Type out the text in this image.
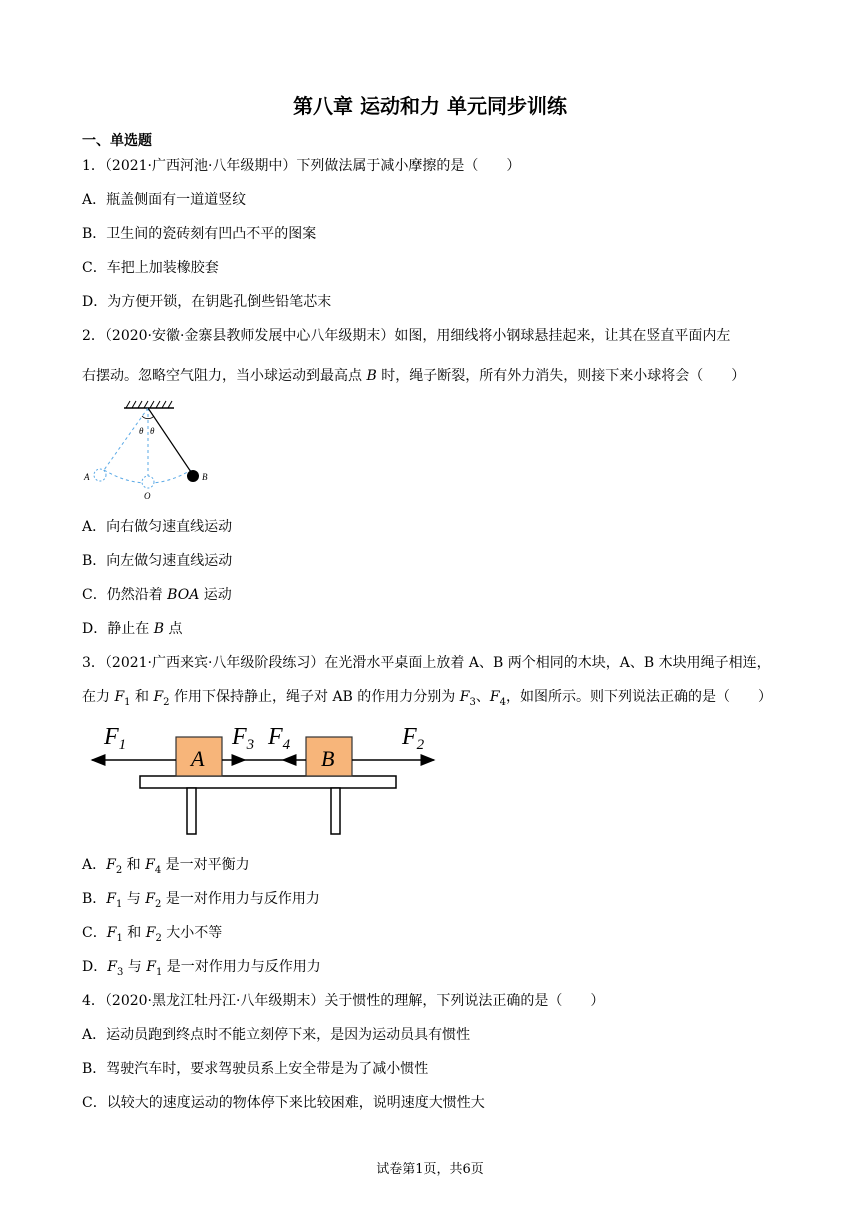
第八章 运动和力 单元同步训练
一、单选题
1．（2021·广西河池·八年级期中）下列做法属于减小摩擦的是（　　）
A．瓶盖侧面有一道道竖纹
B．卫生间的瓷砖刻有凹凸不平的图案
C．车把上加装橡胶套
D．为方便开锁，在钥匙孔倒些铅笔芯末
2．（2020·安徽·金寨县教师发展中心八年级期末）如图，用细线将小钢球悬挂起来，让其在竖直平面内左
右摆动。忽略空气阻力，当小球运动到最高点 B 时，绳子断裂，所有外力消失，则接下来小球将会（　　）
θ θ
A
O
B
A．向右做匀速直线运动
B．向左做匀速直线运动
C．仍然沿着 BOA 运动
D．静止在 B 点
3．（2021·广西来宾·八年级阶段练习）在光滑水平桌面上放着 A、B 两个相同的木块，A、B 木块用绳子相连，
在力 $F_1$ 和 $F_2$ 作用下保持静止，绳子对 AB 的作用力分别为 $F_3$、$F_4$，如图所示。则下列说法正确的是（　　）
A	B
$F_1$	$F_3$ $F_4$	$F_2$
A．$F_2$ 和 $F_4$ 是一对平衡力
B．$F_1$ 与 $F_2$ 是一对作用力与反作用力
C．$F_1$ 和 $F_2$ 大小不等
D．$F_3$ 与 $F_1$ 是一对作用力与反作用力
4．（2020·黑龙江牡丹江·八年级期末）关于惯性的理解，下列说法正确的是（　　）
A．运动员跑到终点时不能立刻停下来，是因为运动员具有惯性
B．驾驶汽车时，要求驾驶员系上安全带是为了减小惯性
C．以较大的速度运动的物体停下来比较困难，说明速度大惯性大
试卷第1页，共6页
